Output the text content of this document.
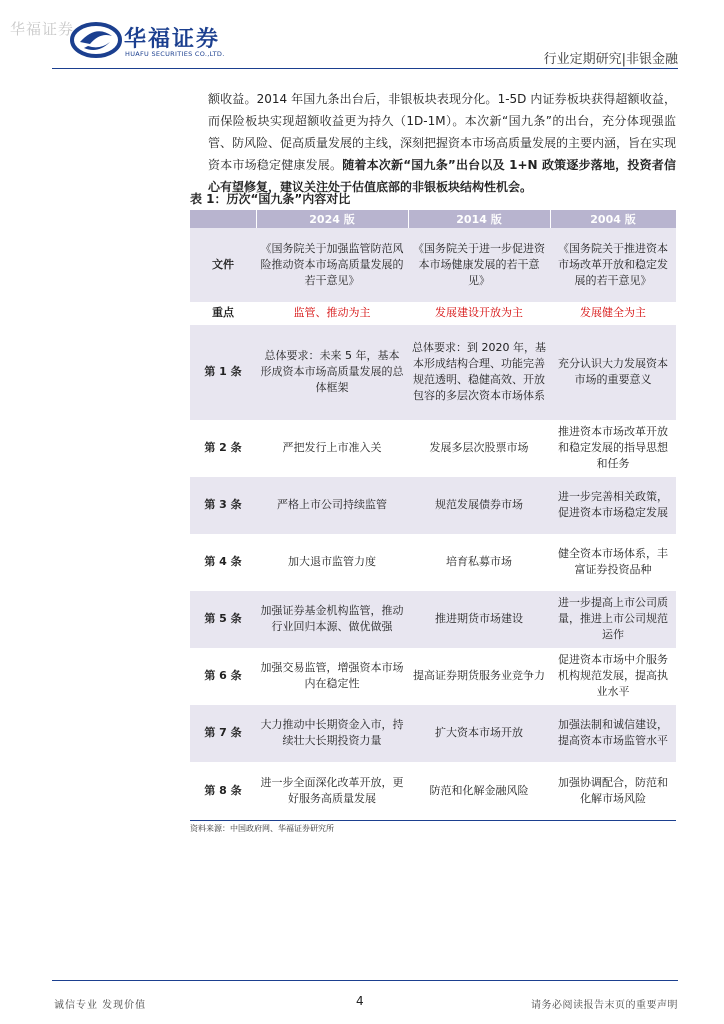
华福证券 华福证券
HUAFU SECURITIES CO.,LTD.	行业定期研究|非银金融
额收益。2014 年国九条出台后，非银板块表现分化。1-5D 内证券板块获得超额收益，而保险板块实现超额收益更为持久（1D-1M）。本次新“国九条”的出台，充分体现强监管、防风险、促高质量发展的主线，深刻把握资本市场高质量发展的主要内涵，旨在实现资本市场稳定健康发展。随着本次新“国九条”出台以及 1+N 政策逐步落地，投资者信心有望修复，建议关注处于估值底部的非银板块结构性机会。
表 1：历次“国九条”内容对比
	2024 版	2014 版	2004 版
文件	《国务院关于加强监管防范风险推动资本市场高质量发展的若干意见》	《国务院关于进一步促进资本市场健康发展的若干意见》	《国务院关于推进资本市场改革开放和稳定发展的若干意见》
重点	监管、推动为主	发展建设开放为主	发展健全为主
第 1 条	总体要求：未来 5 年，基本形成资本市场高质量发展的总体框架	总体要求：到 2020 年，基本形成结构合理、功能完善规范透明、稳健高效、开放包容的多层次资本市场体系	充分认识大力发展资本市场的重要意义
第 2 条	严把发行上市准入关	发展多层次股票市场	推进资本市场改革开放和稳定发展的指导思想和任务
第 3 条	严格上市公司持续监管	规范发展债券市场	进一步完善相关政策，促进资本市场稳定发展
第 4 条	加大退市监管力度	培育私募市场	健全资本市场体系，丰富证券投资品种
第 5 条	加强证券基金机构监管，推动行业回归本源、做优做强	推进期货市场建设	进一步提高上市公司质量，推进上市公司规范运作
第 6 条	加强交易监管，增强资本市场内在稳定性	提高证券期货服务业竞争力	促进资本市场中介服务机构规范发展，提高执业水平
第 7 条	大力推动中长期资金入市，持续壮大长期投资力量	扩大资本市场开放	加强法制和诚信建设，提高资本市场监管水平
第 8 条	进一步全面深化改革开放，更好服务高质量发展	防范和化解金融风险	加强协调配合，防范和化解市场风险
资料来源：中国政府网、华福证券研究所
诚信专业 发现价值	4	请务必阅读报告末页的重要声明
